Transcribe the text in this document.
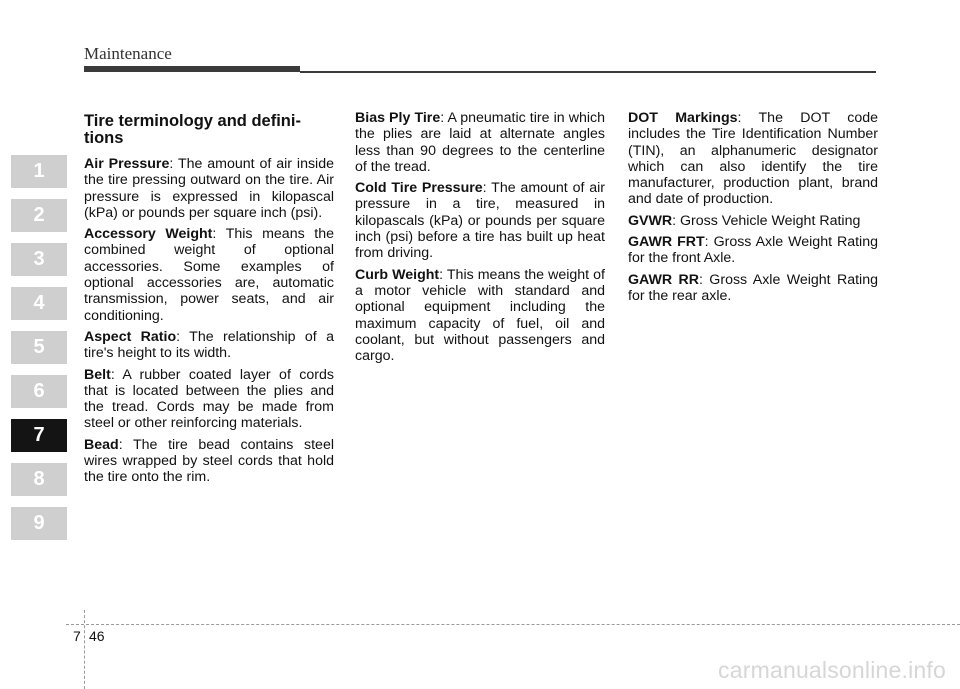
Maintenance
1
2
3
4
5
6
7
8
9
Tire terminology and defini-tions

Air Pressure: The amount of air inside the tire pressing outward on the tire. Air pressure is expressed in kilopascal (kPa) or pounds per square inch (psi).

Accessory Weight: This means the combined weight of optional accessories. Some examples of optional accessories are, automatic transmission, power seats, and air conditioning.

Aspect Ratio: The relationship of a tire's height to its width.

Belt: A rubber coated layer of cords that is located between the plies and the tread. Cords may be made from steel or other reinforcing materials.

Bead: The tire bead contains steel wires wrapped by steel cords that hold the tire onto the rim.

Bias Ply Tire: A pneumatic tire in which the plies are laid at alternate angles less than 90 degrees to the centerline of the tread.

Cold Tire Pressure: The amount of air pressure in a tire, measured in kilopascals (kPa) or pounds per square inch (psi) before a tire has built up heat from driving.

Curb Weight: This means the weight of a motor vehicle with standard and optional equipment including the maximum capacity of fuel, oil and coolant, but without passengers and cargo.

DOT Markings: The DOT code includes the Tire Identification Number (TIN), an alphanumeric designator which can also identify the tire manufacturer, production plant, brand and date of production.

GVWR: Gross Vehicle Weight Rating

GAWR FRT: Gross Axle Weight Rating for the front Axle.

GAWR RR: Gross Axle Weight Rating for the rear axle.

7 46
carmanualsonline.info
